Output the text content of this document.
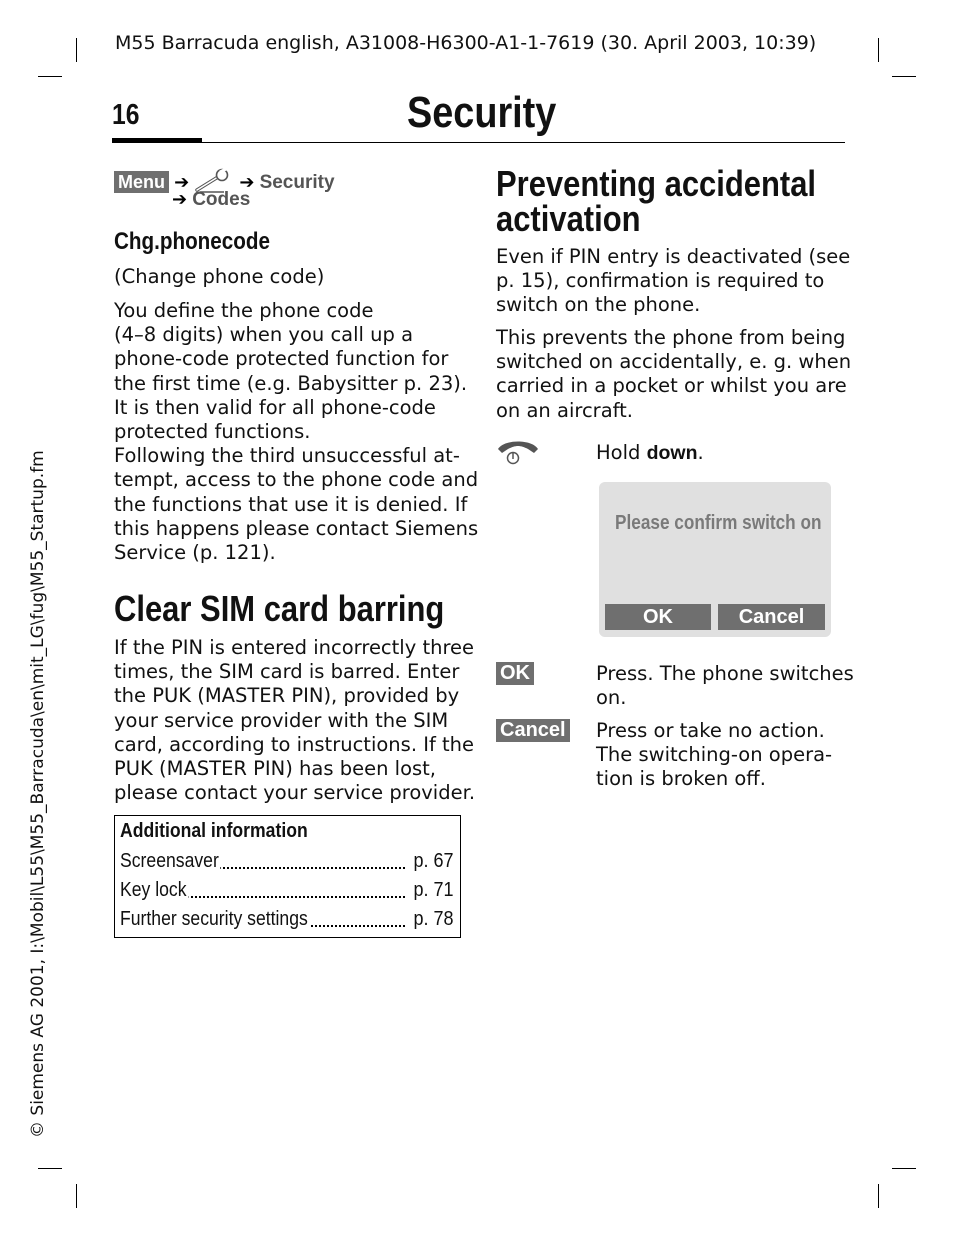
M55 Barracuda english, A31008-H6300-A1-1-7619 (30. April 2003, 10:39)
16	Security
© Siemens AG 2001, I:\Mobil\L55\M55_Barracuda\en\mit_LG\fug\M55_Startup.fm
Menu ➔	➔ Security
➔ Codes
Chg.phonecode
(Change phone code)
You define the phone code
(4–8 digits) when you call up a
phone-code protected function for
the first time (e.g. Babysitter p. 23).
It is then valid for all phone-code
protected functions.
Following the third unsuccessful at-
tempt, access to the phone code and
the functions that use it is denied. If
this happens please contact Siemens
Service (p. 121).
Clear SIM card barring
If the PIN is entered incorrectly three
times, the SIM card is barred. Enter
the PUK (MASTER PIN), provided by
your service provider with the SIM
card, according to instructions. If the
PUK (MASTER PIN) has been lost,
please contact your service provider.
Additional information
Screensaver	p. 67
Key lock	p. 71
Further security settings	p. 78
Preventing accidental
activation
Even if PIN entry is deactivated (see
p. 15), confirmation is required to
switch on the phone.
This prevents the phone from being
switched on accidentally, e. g. when
carried in a pocket or whilst you are
on an aircraft.
Hold down.
Please confirm switch on
OK	Cancel
OK	Press. The phone switches
on.
Cancel Press or take no action.
The switching-on opera-
tion is broken off.
